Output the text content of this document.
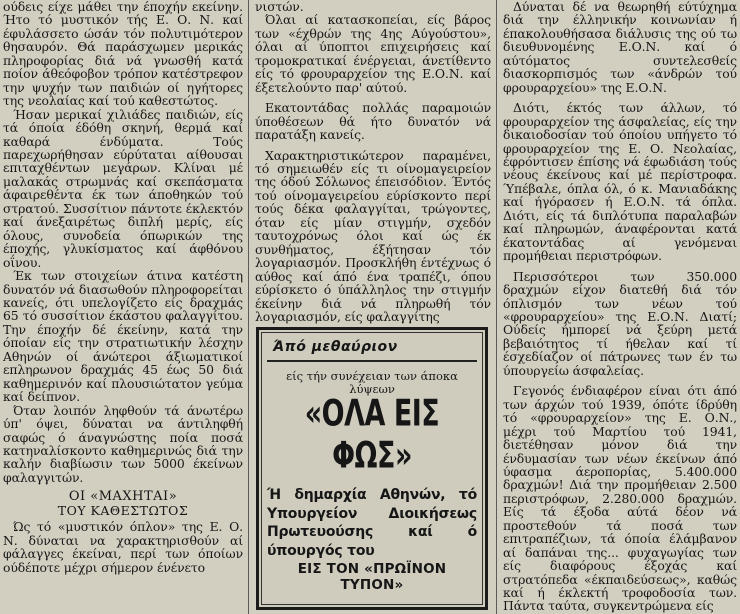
ούδεις είχε μάθει την έποχήν εκείνην. Ήτο τό μυστικόν τής Ε. Ο. Ν. καί έφυλάσσετο ώσάν τόν πολυτιμότερον θησαυρόν. Θά παράσχωμεν μερικάς πληροφορίας διά νά γνωσθή κατά ποίον άθεόφοβον τρόπον κατέστρεφον την ψυχήν των παιδιών οί ηγήτορες της νεολαίας καί τού καθεστώτος.

Ήσαν μερικαί χιλιάδες παιδιών, είς τά όποία έδόθη σκηνή, θερμά καί καθαρά ένδύματα. Τούς παρεχωρήθησαν εύρύταται αίθουσαι επιταχθέντων μεγάρων. Κλίναι μέ μαλακάς στρωμνάς καί σκεπάσματα άφαιρεθέντα έκ των άποθηκών τού στρατού. Συσσίτιον πάντοτε έκλεκτόν καί άνεξαιρέτως διπλή μερίς, είς όλους, συνοδεία όπωρικών της έποχής, γλυκίσματος καί άφθόνου οΐνου.

Έκ των στοιχείων άτινα κατέστη δυνατόν νά διασωθούν πληροφορείται κανείς, ότι υπελογίζετο είς δραχμάς 65 τό συσσίτιον έκάστου φαλαγγίτου. Την έποχήν δέ έκείνην, κατά την όποίαν είς την στρατιωτικήν λέσχην Αθηνών οί άνώτεροι άξιωματικοί επληρωνον δραχμάς 45 έως 50 διά καθημερινόν καί πλουσιώτατον γεύμα καί δείπνον.

Όταν λοιπόν ληφθούν τά άνωτέρω ύπ' όψει, δύναται να άντιληφθή σαφώς ό άναγνώστης ποία ποσά κατηναλίσκοντο καθημερινώς διά την καλήν διαβίωσιν των 5000 έκείνων φαλαγγιτών.

ΟΙ «ΜΑΧΗΤΑΙ»
ΤΟΥ ΚΑΘΕΣΤΩΤΟΣ

Ώς τό «μυστικόν όπλον» της Ε. Ο. Ν. δύναται να χαρακτηρισθούν αί φάλαγγες έκείναι, περί των όποίων ούδέποτε μέχρι σήμερον ένένετο

νιστών.

Όλαι αί κατασκοπείαι, είς βάρος των «έχθρών της 4ης Αύγούστου», όλαι αί ύποπτοι επιχειρήσεις καί τρομοκρατικαί ένέργειαι, άνετίθεντο είς τό φρουραρχείον της Ε.Ο.Ν. καί έξετελούντο παρ' αύτού.

Εκατοντάδας πολλάς παραμοιών ύποθέσεων θά ήτο δυνατόν νά παρατάξη κανείς.

Χαρακτηριστικώτερον παραμένει, τό σημειωθέν είς τι οίνομαγειρείον της όδού Σόλωνος έπεισόδιον. Έντός τού οίνομαγειρείου εύρίσκοντο περί τούς δέκα φαλαγγίται, τρώγοντες, όταν είς μίαν στιγμήν, σχεδόν ταυτοχρόνως όλοι καί ώς έκ συνθήματος, έξήτησαν τόν λογαριασμόν. Προσκλήθη έντέχνως ό αύθος καί άπό ένα τραπέζι, όπου εύρίσκετο ό ύπάλληλος την στιγμήν έκείνην διά νά πληρωθή τόν λογαριασμόν, είς φαλαγγίτης

Άπό μεθαύριον
είς τήν συνέχειαν των άποκα
λύψεων
«ΟΛΑ ΕΙΣ ΦΩΣ»
Ή δημαρχία Αθηνών, τό Υπουργείον Διοικήσεως Πρωτευούσης καί ό ύπουργός του
ΕΙΣ ΤΟΝ «ΠΡΩΪΝΟΝ ΤΥΠΟΝ»

Δύναται δέ να θεωρηθή εύτύχημα διά την έλληνικήν κοινωνίαν ή έπακολουθήσασα διάλυσις της ού τω διευθυνομένης Ε.Ο.Ν. καί ό αύτόματος συντελεσθείς διασκορπισμός των «άνδρών τού φρουραρχείου» της Ε.Ο.Ν.

Διότι, έκτός των άλλων, τό φρουραρχείον της άσφαλείας, είς την δικαιοδοσίαν τού όποίου υπήγετο τό φρουραρχείον της Ε. Ο. Νεολαίας, έφρόντισεν έπίσης νά έφωδιάση τούς νέους έκείνους καί μέ περίστροφα. Ύπέβαλε, όπλα όλ, ό κ. Μανιαδάκης καί ήγόρασεν ή Ε.Ο.Ν. τά όπλα. Διότι, είς τά διπλότυπα παραλαβών καί πληρωμών, άναφέρονται κατά έκατοντάδας αί γενόμεναι προμήθειαι περιστρόφων.

Περισσότεροι των 350.000 δραχμών είχον διατεθή διά τόν όπλισμόν των νέων τού «φρουραρχείου» της Ε.Ο.Ν. Διατί; Ούδείς ήμπορεί νά ξεύρη μετά βεβαιότητος τί ήθελαν καί τί έσχεδίαζον οί πάτρωνες των έν τω ύπουργείω άσφαλείας.

Γεγονός ένδιαφέρον είναι ότι άπό των άρχών τού 1939, όπότε ίδρύθη τό «φρουραρχείον» της Ε. Ο.Ν., μέχρι τού Μαρτίου τού 1941, διετέθησαν μόνον διά την ένδυμασίαν των νέων έκείνων άπό ύφασμα άεροπορίας, 5.400.000 δραχμών! Διά την προμήθειαν 2.500 περιστρόφων, 2.280.000 δραχμών. Είς τά έξοδα αύτά δέον νά προστεθούν τά ποσά των επιτραπέζιων, τά όποία έλάμβανον αί δαπάναι της... φυχαγωγίας των είς διαφόρους έξοχάς καί στρατόπεδα «έκπαιδεύσεως», καθώς καί ή έκλεκτή τροφοδοσία των. Πάντα ταύτα, συγκεντρώμενα είς
